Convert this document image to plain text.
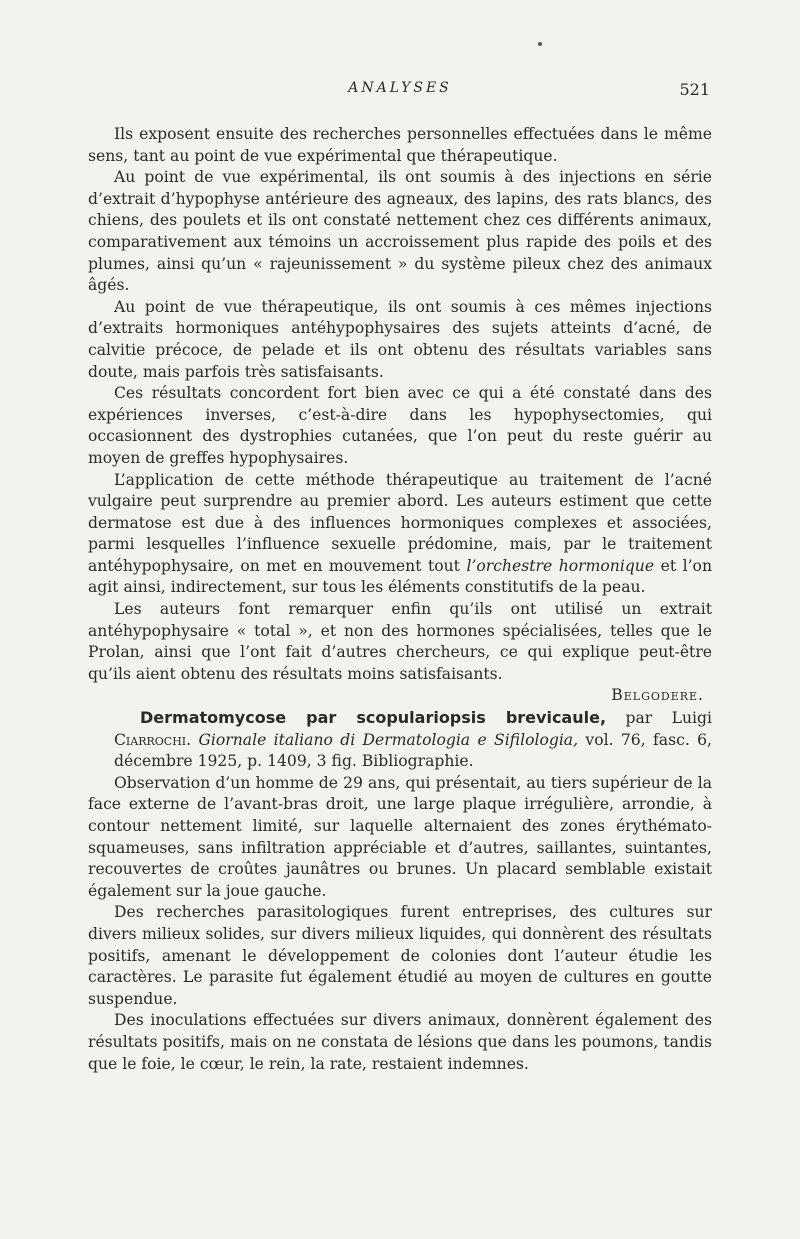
ANALYSES	521

Ils exposent ensuite des recherches personnelles effectuées dans le même sens, tant au point de vue expérimental que thérapeutique.

Au point de vue expérimental, ils ont soumis à des injections en série d’extrait d’hypophyse antérieure des agneaux, des lapins, des rats blancs, des chiens, des poulets et ils ont constaté nettement chez ces différents animaux, comparativement aux témoins un accroissement plus rapide des poils et des plumes, ainsi qu’un « rajeunissement » du système pileux chez des animaux âgés.

Au point de vue thérapeutique, ils ont soumis à ces mêmes injections d’extraits hormoniques antéhypophysaires des sujets atteints d’acné, de calvitie précoce, de pelade et ils ont obtenu des résultats variables sans doute, mais parfois très satisfaisants.

Ces résultats concordent fort bien avec ce qui a été constaté dans des expériences inverses, c’est-à-dire dans les hypophysectomies, qui occasionnent des dystrophies cutanées, que l’on peut du reste guérir au moyen de greffes hypophysaires.

L’application de cette méthode thérapeutique au traitement de l’acné vulgaire peut surprendre au premier abord. Les auteurs estiment que cette dermatose est due à des influences hormoniques complexes et associées, parmi lesquelles l’influence sexuelle prédomine, mais, par le traitement antéhypophysaire, on met en mouvement tout l’orchestre hormonique et l’on agit ainsi, indirectement, sur tous les éléments constitutifs de la peau.

Les auteurs font remarquer enfin qu’ils ont utilisé un extrait antéhypophysaire « total », et non des hormones spécialisées, telles que le Prolan, ainsi que l’ont fait d’autres chercheurs, ce qui explique peut-être qu’ils aient obtenu des résultats moins satisfaisants.

Belgodere.

Dermatomycose par scopulariopsis brevicaule, par Luigi Ciarrochi. Giornale italiano di Dermatologia e Sifilologia, vol. 76, fasc. 6, décembre 1925, p. 1409, 3 fig. Bibliographie.

Observation d’un homme de 29 ans, qui présentait, au tiers supérieur de la face externe de l’avant-bras droit, une large plaque irrégulière, arrondie, à contour nettement limité, sur laquelle alternaient des zones érythémato-squameuses, sans infiltration appréciable et d’autres, saillantes, suintantes, recouvertes de croûtes jaunâtres ou brunes. Un placard semblable existait également sur la joue gauche.

Des recherches parasitologiques furent entreprises, des cultures sur divers milieux solides, sur divers milieux liquides, qui donnèrent des résultats positifs, amenant le développement de colonies dont l’auteur étudie les caractères. Le parasite fut également étudié au moyen de cultures en goutte suspendue.

Des inoculations effectuées sur divers animaux, donnèrent également des résultats positifs, mais on ne constata de lésions que dans les poumons, tandis que le foie, le cœur, le rein, la rate, restaient indemnes.
